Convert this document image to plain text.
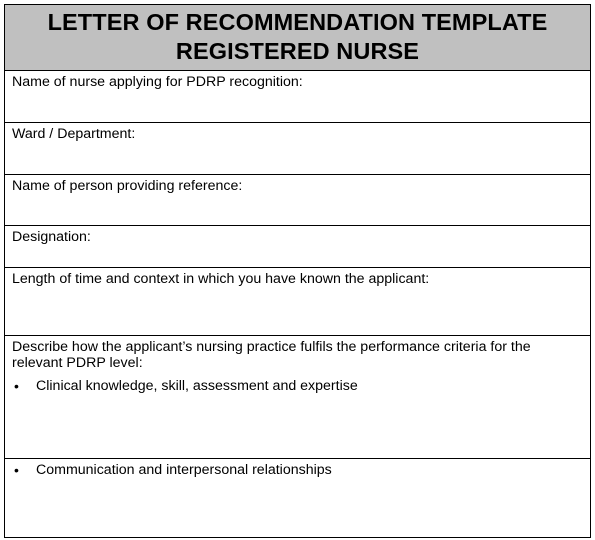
LETTER OF RECOMMENDATION TEMPLATE
REGISTERED NURSE
Name of nurse applying for PDRP recognition:
Ward / Department:
Name of person providing reference:
Designation:
Length of time and context in which you have known the applicant:
Describe how the applicant’s nursing practice fulfils the performance criteria for the relevant PDRP level:
• Clinical knowledge, skill, assessment and expertise
• Communication and interpersonal relationships
